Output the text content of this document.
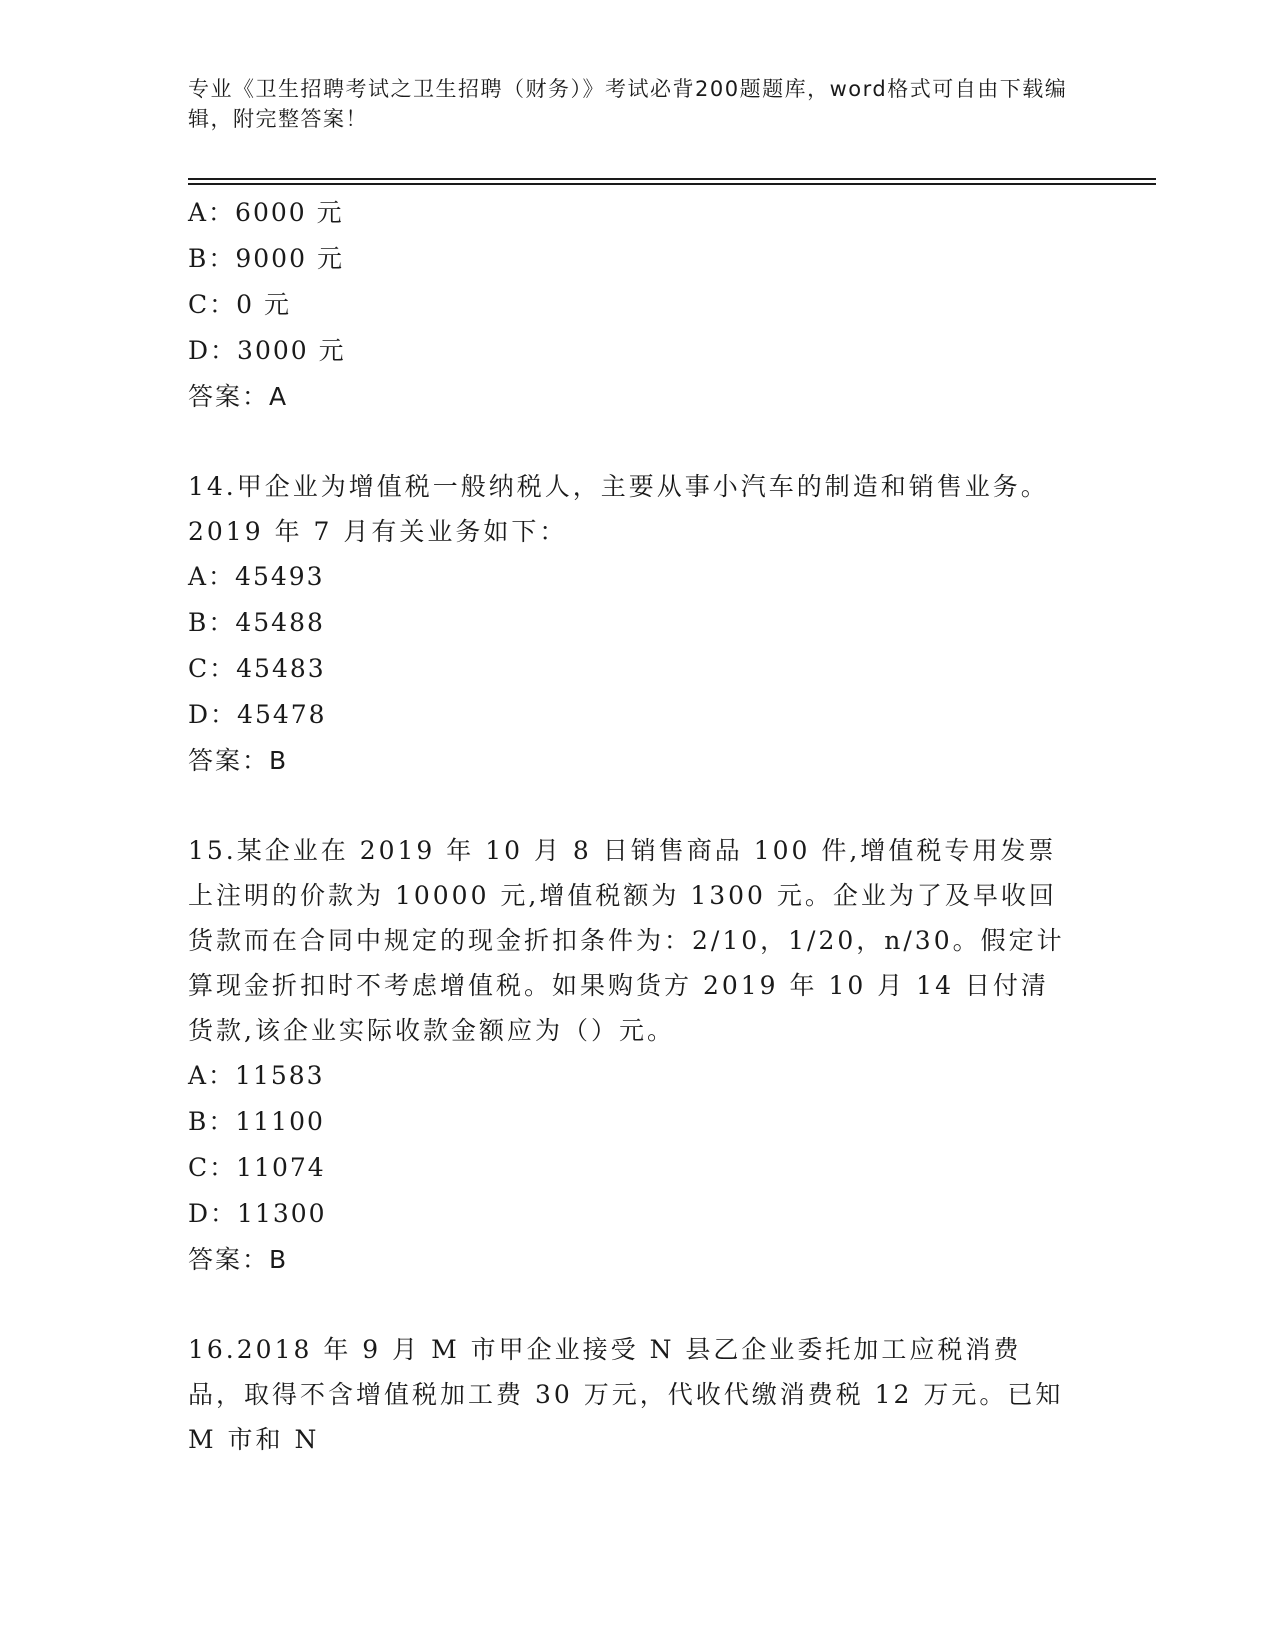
专业《卫生招聘考试之卫生招聘（财务）》考试必背200题题库，word格式可自由下载编辑，附完整答案！
A：6000 元
B：9000 元
C：0 元
D：3000 元
答案：A
14.甲企业为增值税一般纳税人，主要从事小汽车的制造和销售业务。2019 年 7 月有关业务如下：
A：45493
B：45488
C：45483
D：45478
答案：B
15.某企业在 2019 年 10 月 8 日销售商品 100 件,增值税专用发票上注明的价款为 10000 元,增值税额为 1300 元。企业为了及早收回货款而在合同中规定的现金折扣条件为：2/10，1/20，n/30。假定计算现金折扣时不考虑增值税。如果购货方 2019 年 10 月 14 日付清货款,该企业实际收款金额应为（）元。
A：11583
B：11100
C：11074
D：11300
答案：B
16.2018 年 9 月 M 市甲企业接受 N 县乙企业委托加工应税消费品，取得不含增值税加工费 30 万元，代收代缴消费税 12 万元。已知 M 市和 N
